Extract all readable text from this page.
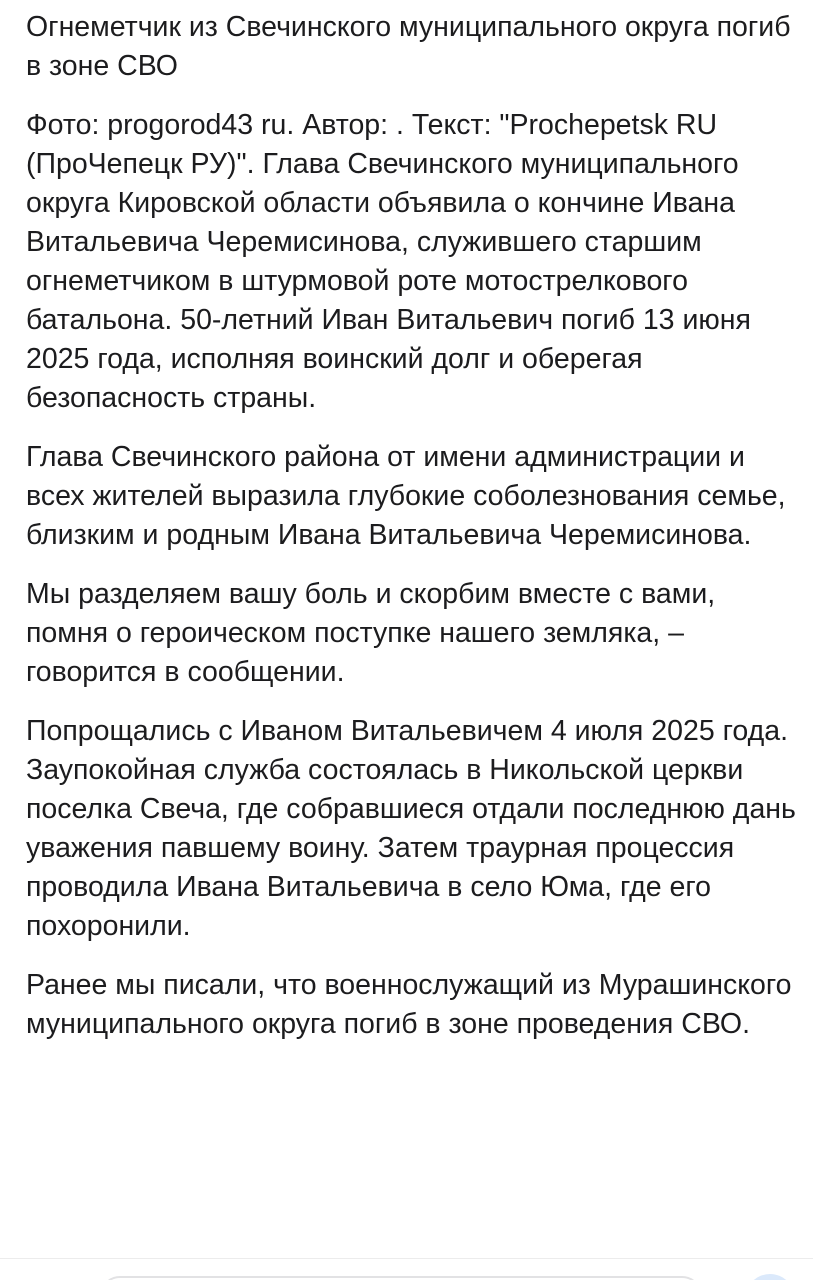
Огнеметчик из Свечинского муниципального округа погиб в зоне СВО

Фото: progorod43 ru. Автор: . Текст: "Prochepetsk RU (ПроЧепецк РУ)". Глава Свечинского муниципального округа Кировской области объявила о кончине Ивана Витальевича Черемисинова, служившего старшим огнеметчиком в штурмовой роте мотострелкового батальона. 50-летний Иван Витальевич погиб 13 июня 2025 года, исполняя воинский долг и оберегая безопасность страны.

Глава Свечинского района от имени администрации и всех жителей выразила глубокие соболезнования семье, близким и родным Ивана Витальевича Черемисинова.

Мы разделяем вашу боль и скорбим вместе с вами, помня о героическом поступке нашего земляка, – говорится в сообщении.

Попрощались с Иваном Витальевичем 4 июля 2025 года. Заупокойная служба состоялась в Никольской церкви поселка Свеча, где собравшиеся отдали последнюю дань уважения павшему воину. Затем траурная процессия проводила Ивана Витальевича в село Юма, где его похоронили.

Ранее мы писали, что военнослужащий из Мурашинского муниципального округа погиб в зоне проведения СВО.
